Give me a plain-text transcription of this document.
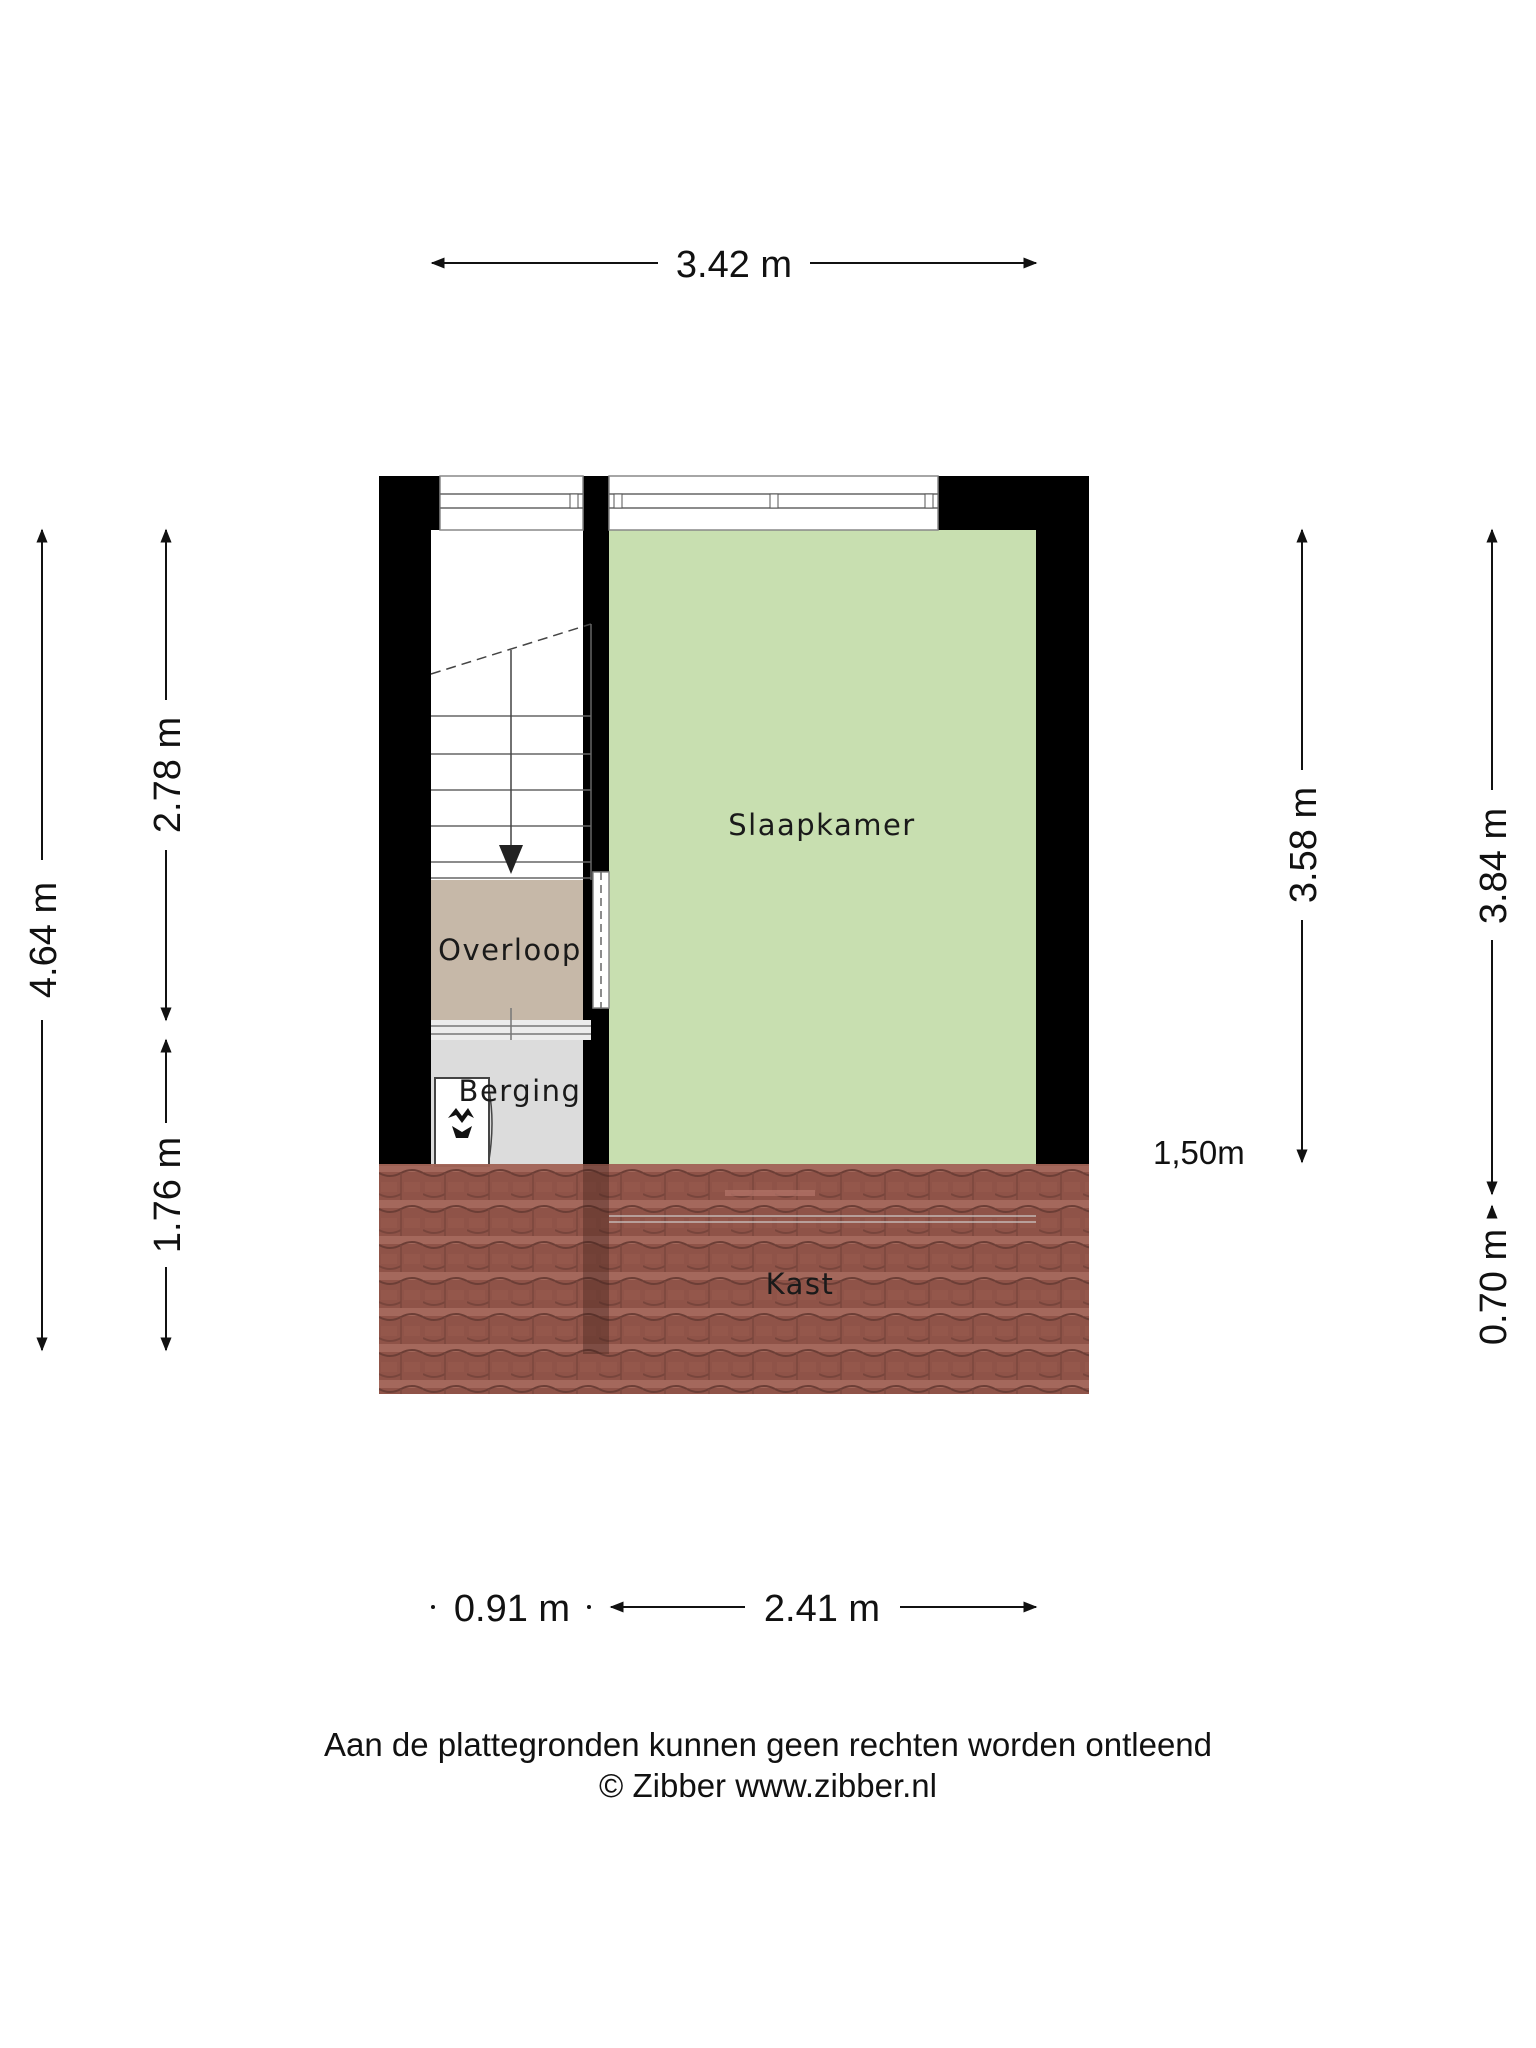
3.42 m
4.64 m
2.78 m
1.76 m
3.58 m	3.84 m
0.70 m
1,50m
Slaapkamer
Overloop
Berging
Kast
0.91 m	2.41 m
Aan de plattegronden kunnen geen rechten worden ontleend
© Zibber www.zibber.nl
